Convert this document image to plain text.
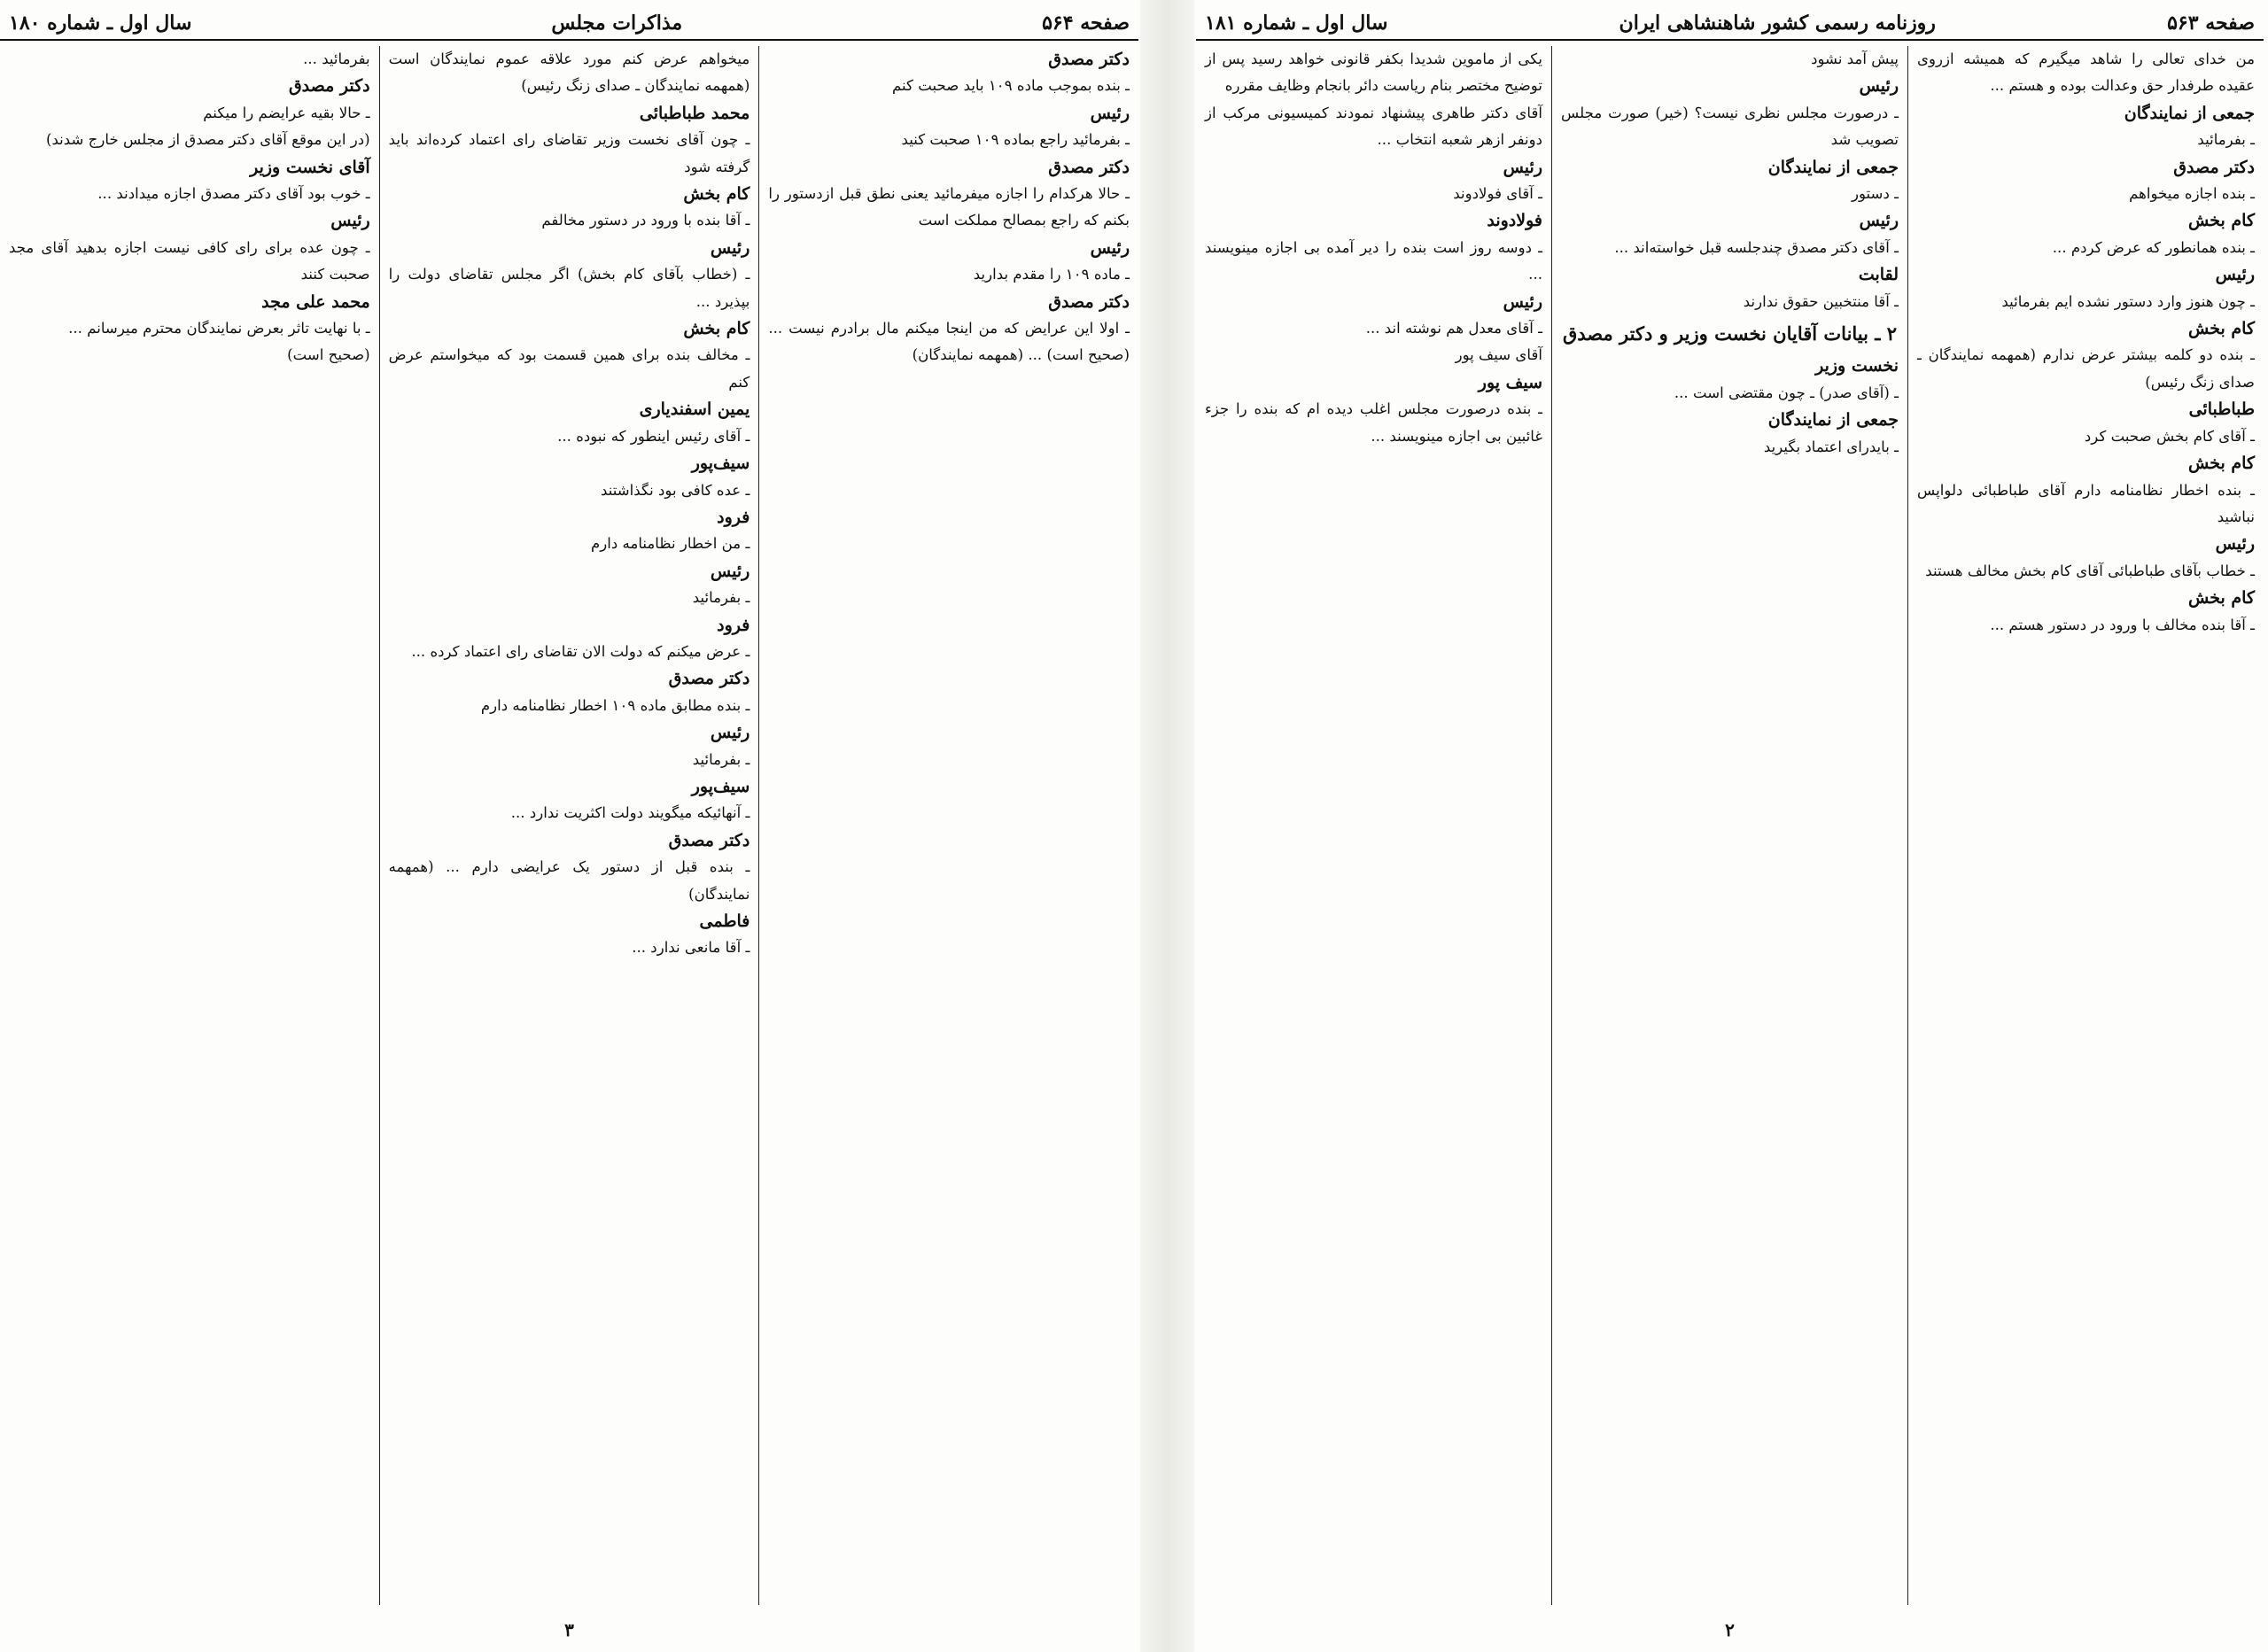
صفحه ۵۶۴
مذاکرات مجلس
سال اول ـ شماره ۱۸۰

دکتر مصدق

ـ بنده بموجب ماده ۱۰۹ باید صحبت کنم

رئیس

ـ بفرمائید راجع بماده ۱۰۹ صحبت کنید

دکتر مصدق

ـ حالا هرکدام را اجازه میفرمائید یعنی نطق قبل ازدستور را بکنم که راجع بمصالح مملکت است

رئیس

ـ ماده ۱۰۹ را مقدم بدارید

دکتر مصدق

ـ اولا این عرایض که من اینجا میکنم مال برادرم نیست ... (صحیح است) ... (همهمه نمایندگان)

میخواهم عرض کنم مورد علاقه عموم نمایندگان است (همهمه نمایندگان ـ صدای زنگ رئیس)

محمد طباطبائی

ـ چون آقای نخست وزیر تقاضای رای اعتماد کرده‌اند باید گرفته شود

کام بخش

ـ آقا بنده با ورود در دستور مخالفم

رئیس

ـ (خطاب بآقای کام بخش) اگر مجلس تقاضای دولت را بپذیرد ...

کام بخش

ـ مخالف بنده برای همین قسمت بود که میخواستم عرض کنم

یمین اسفندیاری

ـ آقای رئیس اینطور که نبوده ...

سیف‌پور

ـ عده کافی بود نگذاشتند

فرود

ـ من اخطار نظامنامه دارم

رئیس

ـ بفرمائید

فرود

ـ عرض میکنم که دولت الان تقاضای رای اعتماد کرده ...

دکتر مصدق

ـ بنده مطابق ماده ۱۰۹ اخطار نظامنامه دارم

رئیس

ـ بفرمائید

سیف‌پور

ـ آنهائیکه میگویند دولت اکثریت ندارد ...

دکتر مصدق

ـ بنده قبل از دستور یک عرایضی دارم ... (همهمه نمایندگان)

فاطمی

ـ آقا مانعی ندارد ...

بفرمائید ...

دکتر مصدق

ـ حالا بقیه عرایضم را میکنم

(در این موقع آقای دکتر مصدق از مجلس خارج شدند)

آقای نخست وزیر

ـ خوب بود آقای دکتر مصدق اجازه میدادند ...

رئیس

ـ چون عده برای رای کافی نیست اجازه بدهید آقای مجد صحبت کنند

محمد علی مجد

ـ با نهایت تاثر بعرض نمایندگان محترم میرسانم ...

(صحیح است)

۳
صفحه ۵۶۳
روزنامه رسمی کشور شاهنشاهی ایران
سال اول ـ شماره ۱۸۱

من خدای تعالی را شاهد میگیرم که همیشه ازروی عقیده طرفدار حق وعدالت بوده و هستم ...

جمعی از نمایندگان

ـ بفرمائید

دکتر مصدق

ـ بنده اجازه میخواهم

کام بخش

ـ بنده همانطور که عرض کردم ...

رئیس

ـ چون هنوز وارد دستور نشده ایم بفرمائید

کام بخش

ـ بنده دو کلمه بیشتر عرض ندارم (همهمه نمایندگان ـ صدای زنگ رئیس)

طباطبائی

ـ آقای کام بخش صحبت کرد

کام بخش

ـ بنده اخطار نظامنامه دارم آقای طباطبائی دلواپس نباشید

رئیس

ـ خطاب بآقای طباطبائی آقای کام بخش مخالف هستند

کام بخش

ـ آقا بنده مخالف با ورود در دستور هستم ...

پیش آمد نشود

رئیس

ـ درصورت مجلس نظری نیست؟ (خیر) صورت مجلس تصویب شد

جمعی از نمایندگان

ـ دستور

رئیس

ـ آقای دکتر مصدق چندجلسه قبل خواسته‌اند ...

لقابت

ـ آقا منتخبین حقوق ندارند

۲ ـ بیانات آقایان نخست وزیر و دکتر مصدق

نخست وزیر

ـ (آقای صدر) ـ چون مقتضی است ...

جمعی از نمایندگان

ـ بایدرای اعتماد بگیرید

یکی از ماموین شدیدا بکفر قانونی خواهد رسید پس از توضیح مختصر بنام ریاست دائر بانجام وظایف مقرره

آقای دکتر طاهری پیشنهاد نمودند کمیسیونی مرکب از دونفر ازهر شعبه انتخاب ...

رئیس

ـ آقای فولادوند

فولادوند

ـ دوسه روز است بنده را دیر آمده بی اجازه مینویسند ...

رئیس

ـ آقای معدل هم نوشته اند ...

آقای سیف پور

سیف پور

ـ بنده درصورت مجلس اغلب دیده ام که بنده را جزء غائبین بی اجازه مینویسند ...

۲
